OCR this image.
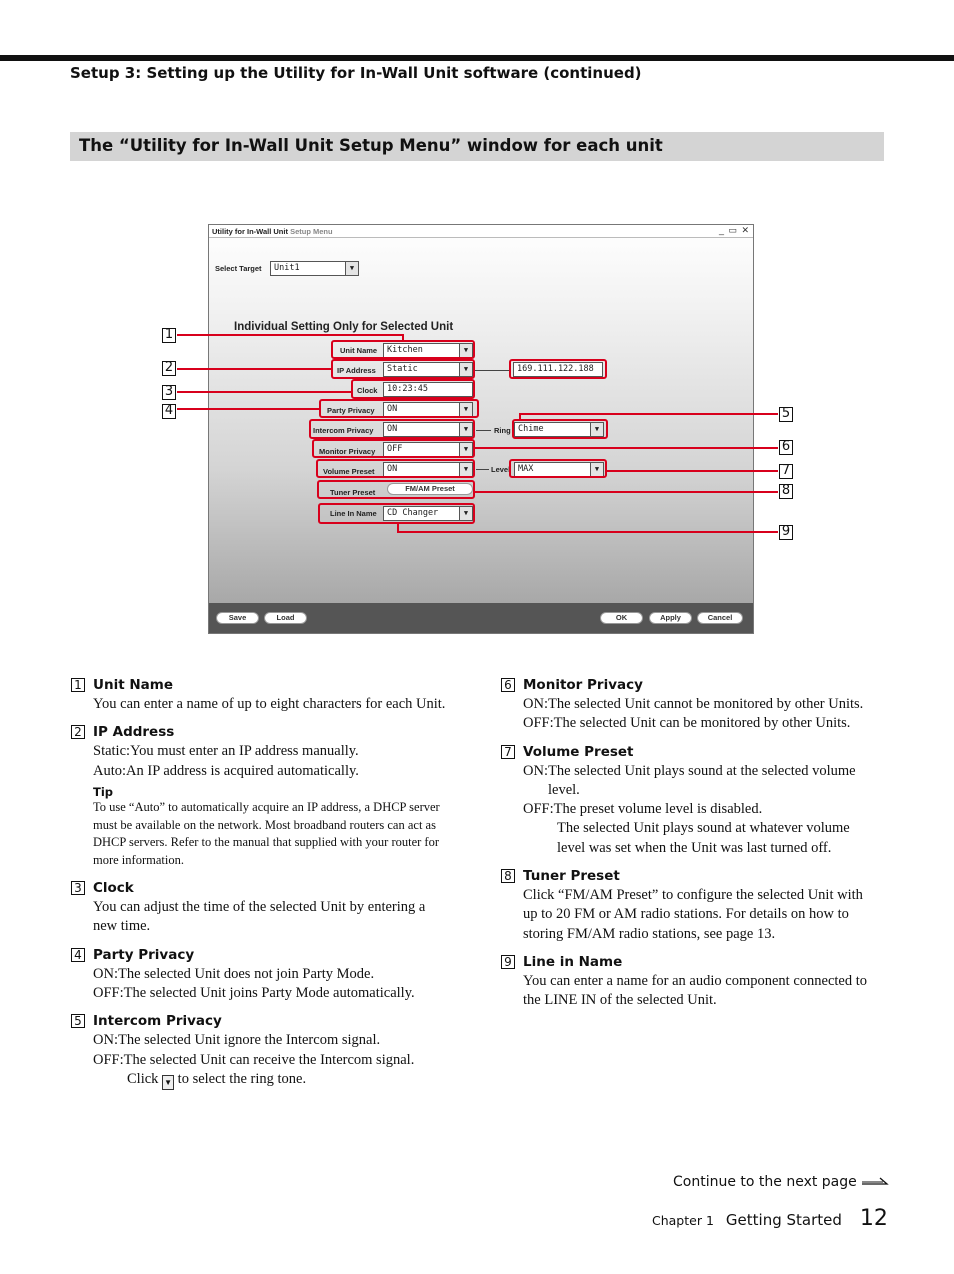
Setup 3: Setting up the Utility for In-Wall Unit software (continued)
The “Utility for In-Wall Unit Setup Menu” window for each unit
Utility for In-Wall Unit Setup Menu	_ ▭ ✕
Select Target	Unit1	▼
Individual Setting Only for Selected Unit
Unit Name	Kitchen	▼
IP Address	Static	▼	169.111.122.188
Clock	10:23:45
Party Privacy	ON	▼
Intercom Privacy	ON	▼	Ring Chime	▼
Monitor Privacy	OFF	▼
Volume Preset	ON	▼	Level MAX	▼
Tuner Preset	FM/AM Preset
Line In Name	CD Changer	▼
Save	Load	OK	Apply	Cancel
1
2
3
4	5
6
7
8
9
1 Unit Name
You can enter a name of up to eight characters for each Unit.
2 IP Address
Static: You must enter an IP address manually.
Auto: An IP address is acquired automatically.
Tip
To use “Auto” to automatically acquire an IP address, a DHCP server must be available on the network. Most broadband routers can act as DHCP servers. Refer to the manual that supplied with your router for more information.
3 Clock
You can adjust the time of the selected Unit by entering a new time.
4 Party Privacy
ON: The selected Unit does not join Party Mode.
OFF: The selected Unit joins Party Mode automatically.
5 Intercom Privacy
ON: The selected Unit ignore the Intercom signal.
OFF: The selected Unit can receive the Intercom signal.
Click ▼ to select the ring tone.
6 Monitor Privacy
ON: The selected Unit cannot be monitored by other Units.
OFF: The selected Unit can be monitored by other Units.
7 Volume Preset
ON: The selected Unit plays sound at the selected volume level.
OFF: The preset volume level is disabled.
The selected Unit plays sound at whatever volume level was set when the Unit was last turned off.
8 Tuner Preset
Click “FM/AM Preset” to configure the selected Unit with up to 20 FM or AM radio stations. For details on how to storing FM/AM radio stations, see page 13.
9 Line in Name
You can enter a name for an audio component connected to the LINE IN of the selected Unit.
Continue to the next page
Chapter 1 Getting Started 12
